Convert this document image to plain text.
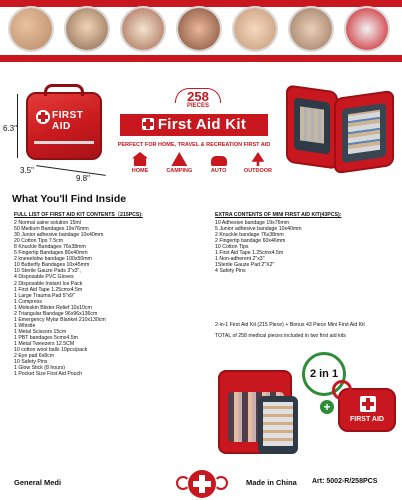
6.3"
3.5"
9.8"
FIRST AID
258
PIECES
First Aid Kit
PERFECT FOR HOME, TRAVEL & RECREATION FIRST AID
HOME	CAMPING	AUTO	OUTDOOR
What You'll Find Inside
FULL LIST OF FIRST AID KIT CONTENTS（215PCS):
2 Normal saine solution 15ml
50 Medium Bandages 19x76mm
30 Junior adhesive bandage 10x40mm
20 Cotton Tips 7.5cm
8 Knuckle Bandages 76x38mm
5 Fingertip Bandages 80x40mm
2 kneeelobw bandage 100x50mm
10 Butterfly Bandages 10x45mm
10 Sterile Gauze Pads 3"x3",
4 Disposable PVC Gloves
2 Disposable Instant Ice Pack
1 First Aid Tape 1.25cmx4.5m
1 Large Trauma Pad 5"x9"
1 Compress
1 Moleskin Blister Relief 10x10cm
2 Triangular Bandage 96x96x136cm
1 Emergency Mylar Blanket 210x130cm
1 Whistle
1 Metal Scissors 15cm
1 PBT bandages 5cmx4.5m
1 Metal Tweezers 12.5CM
10 cotton wool balls 10pcs/pack
2 Eye pad 6x8cm
10 Safety Pins
1 Glow Stick (8 hours)
1 Pocket Size First Aid Pouch
EXTRA CONTENTS OF MINI FIRST AID KIT(43PCS):
10 Adhesive bandage 19x76mm
5 Junior adhesive bandage 10x40mm
2 Knuckle bandage 76x38mm
2 Fingertip bandage 60x46mm
10 Cotton Tips
1 First Aid Tape 1.25cmx4.5m
1 Non-adherent 2"x3"
1Sterile Gauze Pad 2"X2"
4 Safety Pins
2-in-1 First Aid Kit (215 Piece) + Bonus 43 Piece Mini First Aid Kit
TOTAL of 258 medical pieces included in two first aid kits
2 in 1
+
FIRST AID
General Medi	Made in China Art: 5002-R/258PCS
